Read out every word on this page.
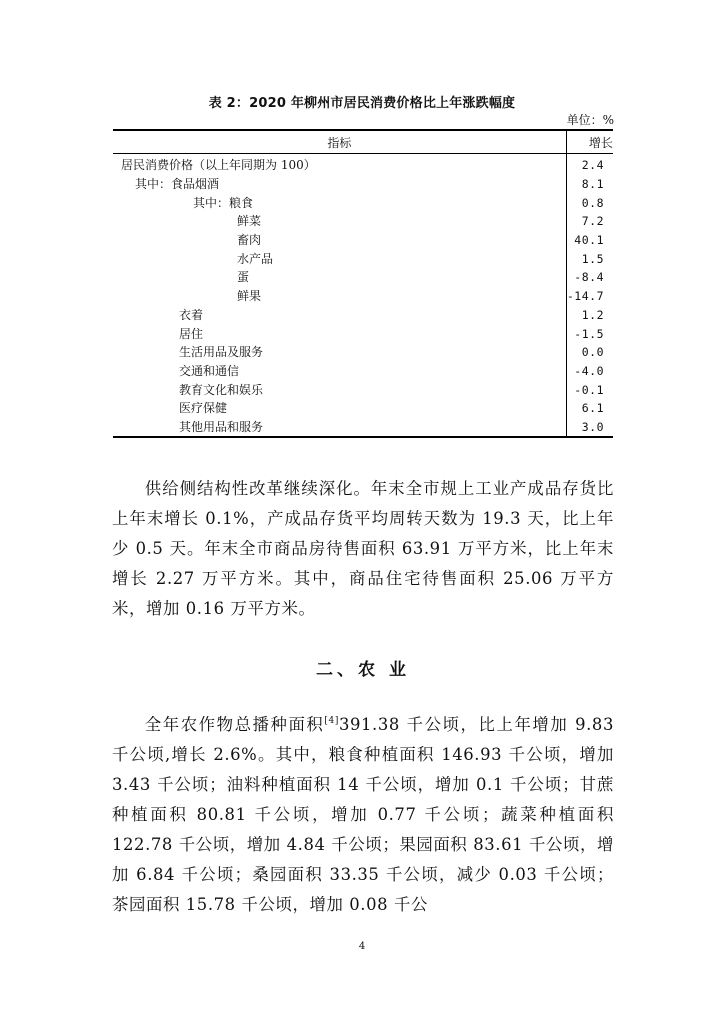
表 2：2020 年柳州市居民消费价格比上年涨跌幅度
单位：%
指标	增长
居民消费价格（以上年同期为 100）	2.4
其中：食品烟酒	8.1
其中：粮食	0.8
鲜菜	7.2
畜肉	40.1
水产品	1.5
蛋	-8.4
鲜果	-14.7
衣着	1.2
居住	-1.5
生活用品及服务	0.0
交通和通信	-4.0
教育文化和娱乐	-0.1
医疗保健	6.1
其他用品和服务	3.0

供给侧结构性改革继续深化。年末全市规上工业产成品存货比上年末增长 0.1%，产成品存货平均周转天数为 19.3 天，比上年少 0.5 天。年末全市商品房待售面积 63.91 万平方米，比上年末增长 2.27 万平方米。其中，商品住宅待售面积 25.06 万平方米，增加 0.16 万平方米。

二、农 业

全年农作物总播种面积[4]391.38 千公顷，比上年增加 9.83 千公顷,增长 2.6%。其中，粮食种植面积 146.93 千公顷，增加 3.43 千公顷；油料种植面积 14 千公顷，增加 0.1 千公顷；甘蔗种植面积 80.81 千公顷，增加 0.77 千公顷；蔬菜种植面积 122.78 千公顷，增加 4.84 千公顷；果园面积 83.61 千公顷，增加 6.84 千公顷；桑园面积 33.35 千公顷，减少 0.03 千公顷；茶园面积 15.78 千公顷，增加 0.08 千公

4
